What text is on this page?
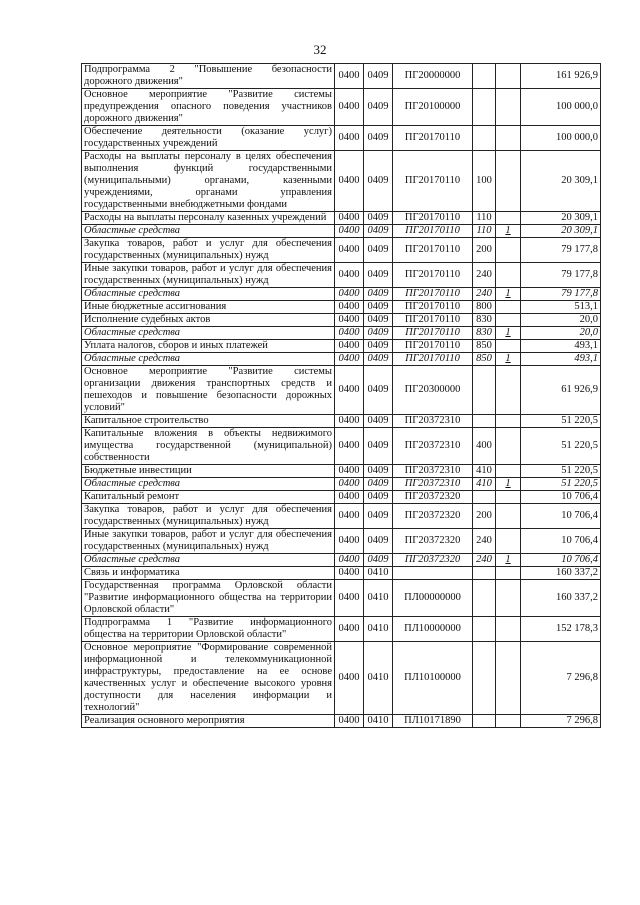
32
Подпрограмма 2 "Повышение безопасности дорожного движения"	0400	0409	ПГ20000000			161 926,9
Основное мероприятие "Развитие системы предупреждения опасного поведения участников дорожного движения"	0400	0409	ПГ20100000			100 000,0
Обеспечение деятельности (оказание услуг) государственных учреждений	0400	0409	ПГ20170110			100 000,0
Расходы на выплаты персоналу в целях обеспечения выполнения функций государственными (муниципальными) органами, казенными учреждениями, органами управления государственными внебюджетными фондами	0400	0409	ПГ20170110	100		20 309,1
Расходы на выплаты персоналу казенных учреждений	0400	0409	ПГ20170110	110		20 309,1
Областные средства	0400	0409	ПГ20170110	110	1	20 309,1
Закупка товаров, работ и услуг для обеспечения государственных (муниципальных) нужд	0400	0409	ПГ20170110	200		79 177,8
Иные закупки товаров, работ и услуг для обеспечения государственных (муниципальных) нужд	0400	0409	ПГ20170110	240		79 177,8
Областные средства	0400	0409	ПГ20170110	240	1	79 177,8
Иные бюджетные ассигнования	0400	0409	ПГ20170110	800		513,1
Исполнение судебных актов	0400	0409	ПГ20170110	830		20,0
Областные средства	0400	0409	ПГ20170110	830	1	20,0
Уплата налогов, сборов и иных платежей	0400	0409	ПГ20170110	850		493,1
Областные средства	0400	0409	ПГ20170110	850	1	493,1
Основное мероприятие "Развитие системы организации движения транспортных средств и пешеходов и повышение безопасности дорожных условий"	0400	0409	ПГ20300000			61 926,9
Капитальное строительство	0400	0409	ПГ20372310			51 220,5
Капитальные вложения в объекты недвижимого имущества государственной (муниципальной) собственности	0400	0409	ПГ20372310	400		51 220,5
Бюджетные инвестиции	0400	0409	ПГ20372310	410		51 220,5
Областные средства	0400	0409	ПГ20372310	410	1	51 220,5
Капитальный ремонт	0400	0409	ПГ20372320			10 706,4
Закупка товаров, работ и услуг для обеспечения государственных (муниципальных) нужд	0400	0409	ПГ20372320	200		10 706,4
Иные закупки товаров, работ и услуг для обеспечения государственных (муниципальных) нужд	0400	0409	ПГ20372320	240		10 706,4
Областные средства	0400	0409	ПГ20372320	240	1	10 706,4
Связь и информатика	0400	0410				160 337,2
Государственная программа Орловской области "Развитие информационного общества на территории Орловской области"	0400	0410	ПЛ00000000			160 337,2
Подпрограмма 1 "Развитие информационного общества на территории Орловской области"	0400	0410	ПЛ10000000			152 178,3
Основное мероприятие "Формирование современной информационной и телекоммуникационной инфраструктуры, предоставление на ее основе качественных услуг и обеспечение высокого уровня доступности для населения информации и технологий"	0400	0410	ПЛ10100000			7 296,8
Реализация основного мероприятия	0400	0410	ПЛ10171890			7 296,8
